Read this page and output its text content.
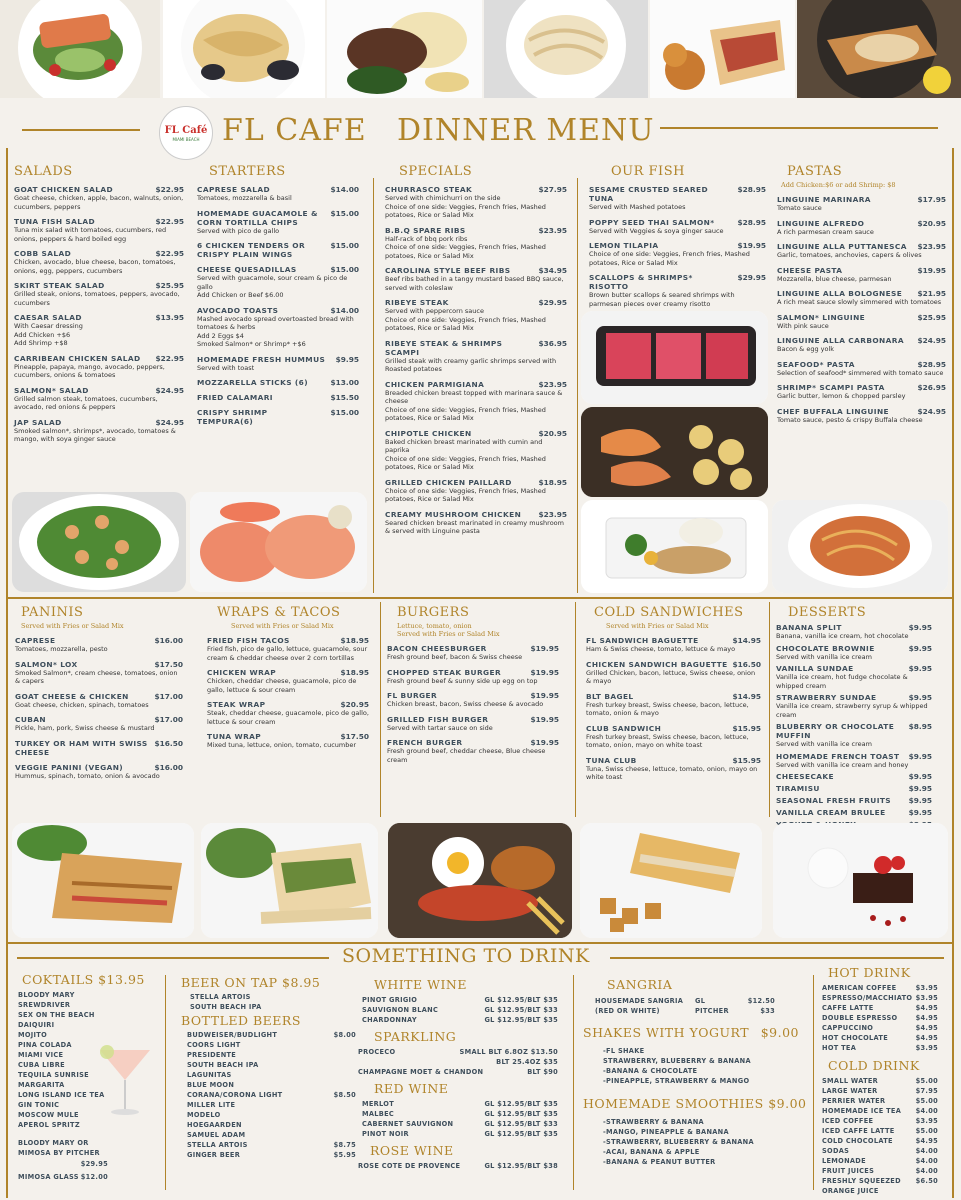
FL Café
MIAMI BEACH FL CAFE DINNER MENU
SALADS
GOAT CHICKEN SALAD	$22.95
Goat cheese, chicken, apple, bacon, walnuts, onion, cucumbers, peppers
TUNA FISH SALAD	$22.95
Tuna mix salad with tomatoes, cucumbers, red onions, peppers & hard boiled egg
COBB SALAD	$22.95
Chicken, avocado, blue cheese, bacon, tomatoes, onions, egg, peppers, cucumbers
SKIRT STEAK SALAD	$25.95
Grilled steak, onions, tomatoes, peppers, avocado, cucumbers
CAESAR SALAD	$13.95
With Caesar dressing
Add Chicken +$6
Add Shrimp +$8
CARRIBEAN CHICKEN SALAD $22.95
Pineapple, papaya, mango, avocado, peppers, cucumbers, onions & tomatoes
SALMON* SALAD	$24.95
Grilled salmon steak, tomatoes, cucumbers, avocado, red onions & peppers
JAP SALAD	$24.95
Smoked salmon*, shrimps*, avocado, tomatoes & mango, with soya ginger sauce
STARTERS
CAPRESE SALAD	$14.00
Tomatoes, mozzarella & basil
HOMEMADE GUACAMOLE & CORN TORTILLA CHIPS
$15.00
Served with pico de gallo
6 CHICKEN TENDERS OR CRISPY PLAIN WINGS
$15.00
CHEESE QUESADILLAS	$15.00
Served with guacamole, sour cream & pico de gallo
Add Chicken or Beef $6.00
AVOCADO TOASTS	$14.00
Mashed avocado spread overtoasted bread with tomatoes & herbs
Add 2 Eggs $4
Smoked Salmon* or Shrimp* +$6
HOMEMADE FRESH HUMMUS $9.95
Served with toast
MOZZARELLA STICKS (6)	$13.00
FRIED CALAMARI	$15.50
CRISPY SHRIMP TEMPURA(6)
$15.00
SPECIALS
CHURRASCO STEAK	$27.95
Served with chimichurri on the side
Choice of one side: Veggies, French fries, Mashed potatoes, Rice or Salad Mix
B.B.Q SPARE RIBS	$23.95
Half-rack of bbq pork ribs
Choice of one side: Veggies, French fries, Mashed potatoes, Rice or Salad Mix
CAROLINA STYLE BEEF RIBS	$34.95
Beef ribs bathed in a tangy mustard based BBQ sauce, served with coleslaw
RIBEYE STEAK	$29.95
Served with peppercorn sauce
Choice of one side: Veggies, French fries, Mashed potatoes, Rice or Salad Mix
RIBEYE STEAK & SHRIMPS SCAMPI
$36.95
Grilled steak with creamy garlic shrimps served with Roasted potatoes
CHICKEN PARMIGIANA	$23.95
Breaded chicken breast topped with marinara sauce & cheese
Choice of one side: Veggies, French fries, Mashed potatoes, Rice or Salad Mix
CHIPOTLE CHICKEN	$20.95
Baked chicken breast marinated with cumin and paprika
Choice of one side: Veggies, French fries, Mashed potatoes, Rice or Salad Mix
GRILLED CHICKEN PAILLARD	$18.95
Choice of one side: Veggies, French fries, Mashed potatoes, Rice or Salad Mix
CREAMY MUSHROOM CHICKEN $23.95
Seared chicken breast marinated in creamy mushroom & served with Linguine pasta
OUR FISH
SESAME CRUSTED SEARED TUNA
$28.95
Served with Mashed potatoes
POPPY SEED THAI SALMON*	$28.95
Served with Veggies & soya ginger sauce
LEMON TILAPIA	$19.95
Choice of one side: Veggies, French fries, Mashed potatoes, Rice or Salad Mix
SCALLOPS & SHRIMPS* RISOTTO
$29.95
Brown butter scallops & seared shrimps with parmesan pieces over creamy risotto
PASTAS
Add Chicken:$6 or add Shrimp: $8
LINGUINE MARINARA	$17.95
Tomato sauce
LINGUINE ALFREDO	$20.95
A rich parmesan cream sauce
LINGUINE ALLA PUTTANESCA $23.95
Garlic, tomatoes, anchovies, capers & olives
CHEESE PASTA	$19.95
Mozzarella, blue cheese, parmesan
LINGUINE ALLA BOLOGNESE $21.95
A rich meat sauce slowly simmered with tomatoes
SALMON* LINGUINE	$25.95
With pink sauce
LINGUINE ALLA CARBONARA $24.95
Bacon & egg yolk
SEAFOOD* PASTA	$28.95
Selection of seafood* simmered with tomato sauce
SHRIMP* SCAMPI PASTA	$26.95
Garlic butter, lemon & chopped parsley
CHEF BUFFALA LINGUINE	$24.95
Tomato sauce, pesto & crispy Buffala cheese
PANINIS
Served with Fries or Salad Mix
CAPRESE	$16.00
Tomatoes, mozzarella, pesto
SALMON* LOX	$17.50
Smoked Salmon*, cream cheese, tomatoes, onion & capers
GOAT CHEESE & CHICKEN	$17.00
Goat cheese, chicken, spinach, tomatoes
CUBAN	$17.00
Pickle, ham, pork, Swiss cheese & mustard
TURKEY OR HAM WITH SWISS CHEESE
$16.50
VEGGIE PANINI (VEGAN)	$16.00
Hummus, spinach, tomato, onion & avocado
WRAPS & TACOS
Served with Fries or Salad Mix
FRIED FISH TACOS	$18.95
Fried fish, pico de gallo, lettuce, guacamole, sour cream & cheddar cheese over 2 corn tortillas
CHICKEN WRAP	$18.95
Chicken, cheddar cheese, guacamole, pico de gallo, lettuce & sour cream
STEAK WRAP	$20.95
Steak, cheddar cheese, guacamole, pico de gallo, lettuce & sour cream
TUNA WRAP	$17.50
Mixed tuna, lettuce, onion, tomato, cucumber
BURGERS
Lettuce, tomato, onion
Served with Fries or Salad Mix
BACON CHEESBURGER	$19.95
Fresh ground beef, bacon & Swiss cheese
CHOPPED STEAK BURGER	$19.95
Fresh ground beef & sunny side up egg on top
FL BURGER	$19.95
Chicken breast, bacon, Swiss cheese & avocado
GRILLED FISH BURGER	$19.95
Served with tartar sauce on side
FRENCH BURGER	$19.95
Fresh ground beef, cheddar cheese, Blue cheese cream
COLD SANDWICHES
Served with Fries or Salad Mix
FL SANDWICH BAGUETTE	$14.95
Ham & Swiss cheese, tomato, lettuce & mayo
CHICKEN SANDWICH BAGUETTE $16.50
Grilled Chicken, bacon, lettuce, Swiss cheese, onion & mayo
BLT BAGEL	$14.95
Fresh turkey breast, Swiss cheese, bacon, lettuce, tomato, onion & mayo
CLUB SANDWICH	$15.95
Fresh turkey breast, Swiss cheese, bacon, lettuce, tomato, onion, mayo on white toast
TUNA CLUB	$15.95
Tuna, Swiss cheese, lettuce, tomato, onion, mayo on white toast
DESSERTS
BANANA SPLIT	$9.95
Banana, vanilla ice cream, hot chocolate
CHOCOLATE BROWNIE	$9.95
Served with vanilla ice cream
VANILLA SUNDAE	$9.95
Vanilla ice cream, hot fudge chocolate & whipped cream
STRAWBERRY SUNDAE	$9.95
Vanilla ice cream, strawberry syrup & whipped cream
BLUBERRY OR CHOCOLATE MUFFIN
$8.95
Served with vanilla ice cream
HOMEMADE FRENCH TOAST $9.95
Served with vanilla ice cream and honey
CHEESECAKE	$9.95
TIRAMISU	$9.95
SEASONAL FRESH FRUITS $9.95
VANILLA CREAM BRULEE	$9.95
SOMETHING TO DRINK
COKTAILS $13.95
BLOODY MARY
SREWDRIVER
SEX ON THE BEACH
DAIQUIRI
MOJITO
PINA COLADA
MIAMI VICE
CUBA LIBRE
TEQUILA SUNRISE
MARGARITA
LONG ISLAND ICE TEA
GIN TONIC
MOSCOW MULE
APEROL SPRITZ
BLOODY MARY OR MIMOSA BY PITCHER
$29.95
MIMOSA GLASS $12.00
BEER ON TAP $8.95
STELLA ARTOIS
SOUTH BEACH IPA
BOTTLED BEERS
BUDWEISER/BUDLIGHT	$8.00
COORS LIGHT
PRESIDENTE
SOUTH BEACH IPA
LAGUNITAS
BLUE MOON
CORANA/CORONA LIGHT	$8.50
MILLER LITE
MODELO
HOEGAARDEN
SAMUEL ADAM
STELLA ARTOIS	$8.75
GINGER BEER	$5.95
WHITE WINE
PINOT GRIGIO	GL $12.95/BLT $35
SAUVIGNON BLANC	GL $12.95/BLT $33
CHARDONNAY	GL $12.95/BLT $35
SPARKLING
PROCECO	SMALL BLT 6.8OZ $13.50
BLT 25.4OZ $35
CHAMPAGNE MOET & CHANDON	BLT $90
RED WINE
MERLOT	GL $12.95/BLT $35
MALBEC	GL $12.95/BLT $35
CABERNET SAUVIGNON	GL $12.95/BLT $33
PINOT NOIR	GL $12.95/BLT $35
ROSE WINE
ROSE COTE DE PROVENCE	GL $12.95/BLT $38
SANGRIA
HOUSEMADE SANGRIA (RED OR WHITE)
GL	$12.50
PITCHER	$33
SHAKES WITH YOGURT $9.00
-FL SHAKE
STRAWBERRY, BLUEBERRY & BANANA
-BANANA & CHOCOLATE
-PINEAPPLE, STRAWBERRY & MANGO
HOMEMADE SMOOTHIES $9.00
-STRAWBERRY & BANANA
-MANGO, PINEAPPLE & BANANA
-STRAWBERRY, BLUEBERRY & BANANA
-ACAI, BANANA & APPLE
-BANANA & PEANUT BUTTER
HOT DRINK
AMERICAN COFFEE	$3.95
ESPRESSO/MACCHIATO $3.95
CAFFE LATTE	$4.95
DOUBLE ESPRESSO	$4.95
CAPPUCCINO	$4.95
HOT CHOCOLATE	$4.95
HOT TEA	$3.95
COLD DRINK
SMALL WATER	$5.00
LARGE WATER	$7.95
PERRIER WATER	$5.00
HOMEMADE ICE TEA $4.00
ICED COFFEE	$3.95
ICED CAFFE LATTE	$5.00
COLD CHOCOLATE	$4.95
SODAS	$4.00
LEMONADE	$4.00
FRUIT JUICES	$4.00
FRESHLY SQUEEZED ORANGE JUICE
$6.50
